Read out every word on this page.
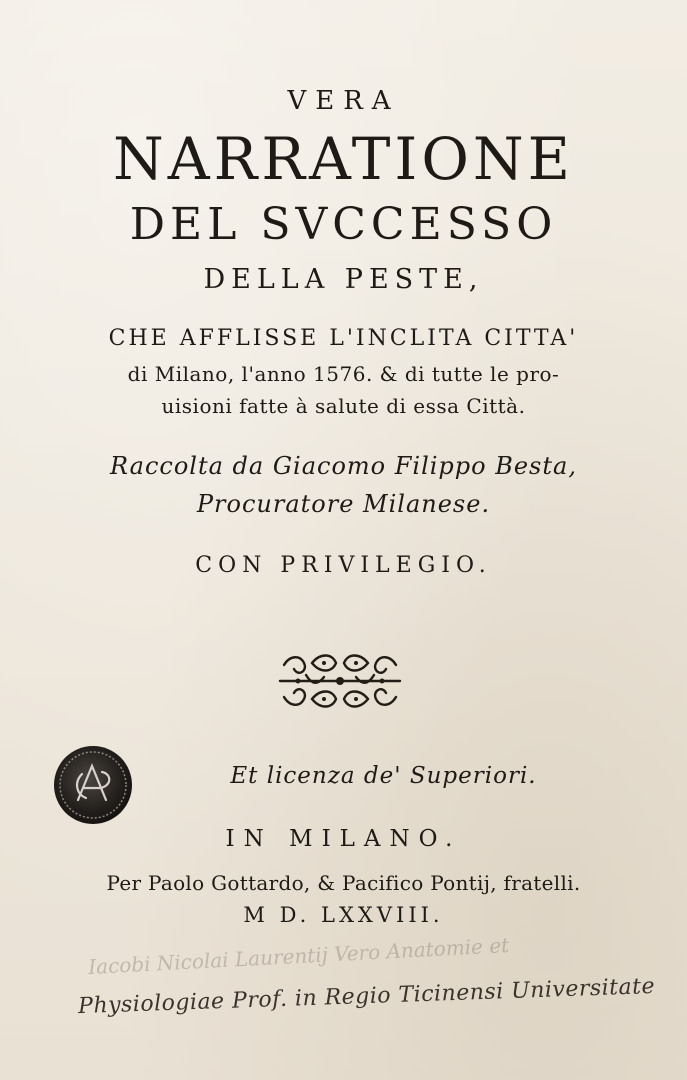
VERA
NARRATIONE
DEL SVCCESSO
DELLA PESTE,
CHE AFFLISSE L'INCLITA CITTA'
di Milano, l'anno 1576. & di tutte le pro-
uisioni fatte à salute di essa Città.
Raccolta da Giacomo Filippo Besta,
Procuratore Milanese.
CON PRIVILEGIO.
Et licenza de' Superiori.
IN MILANO.
Per Paolo Gottardo, & Pacifico Pontij, fratelli.
M D. LXXVIII.
Iacobi Nicolai Laurentij Vero Anatomie et
Physiologiae Prof. in Regio Ticinensi Universitate
